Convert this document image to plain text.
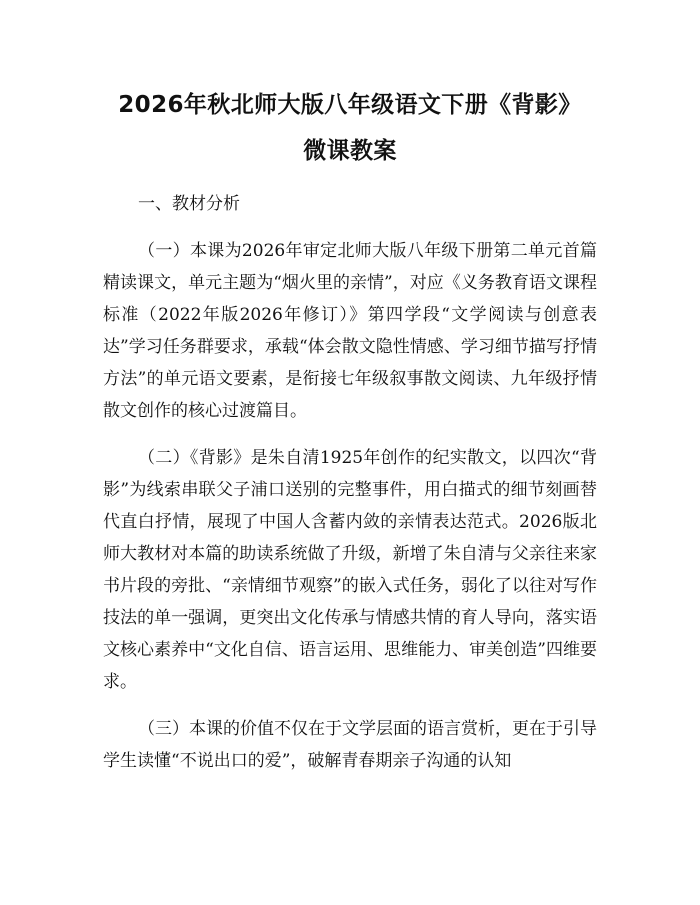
2026年秋北师大版八年级语文下册《背影》
微课教案
一、教材分析

（一）本课为2026年审定北师大版八年级下册第二单元首篇精读课文，单元主题为“烟火里的亲情”，对应《义务教育语文课程标准（2022年版2026年修订）》第四学段“文学阅读与创意表达”学习任务群要求，承载“体会散文隐性情感、学习细节描写抒情方法”的单元语文要素，是衔接七年级叙事散文阅读、九年级抒情散文创作的核心过渡篇目。

（二）《背影》是朱自清1925年创作的纪实散文，以四次“背影”为线索串联父子浦口送别的完整事件，用白描式的细节刻画替代直白抒情，展现了中国人含蓄内敛的亲情表达范式。2026版北师大教材对本篇的助读系统做了升级，新增了朱自清与父亲往来家书片段的旁批、“亲情细节观察”的嵌入式任务，弱化了以往对写作技法的单一强调，更突出文化传承与情感共情的育人导向，落实语文核心素养中“文化自信、语言运用、思维能力、审美创造”四维要求。

（三）本课的价值不仅在于文学层面的语言赏析，更在于引导学生读懂“不说出口的爱”，破解青春期亲子沟通的认知
